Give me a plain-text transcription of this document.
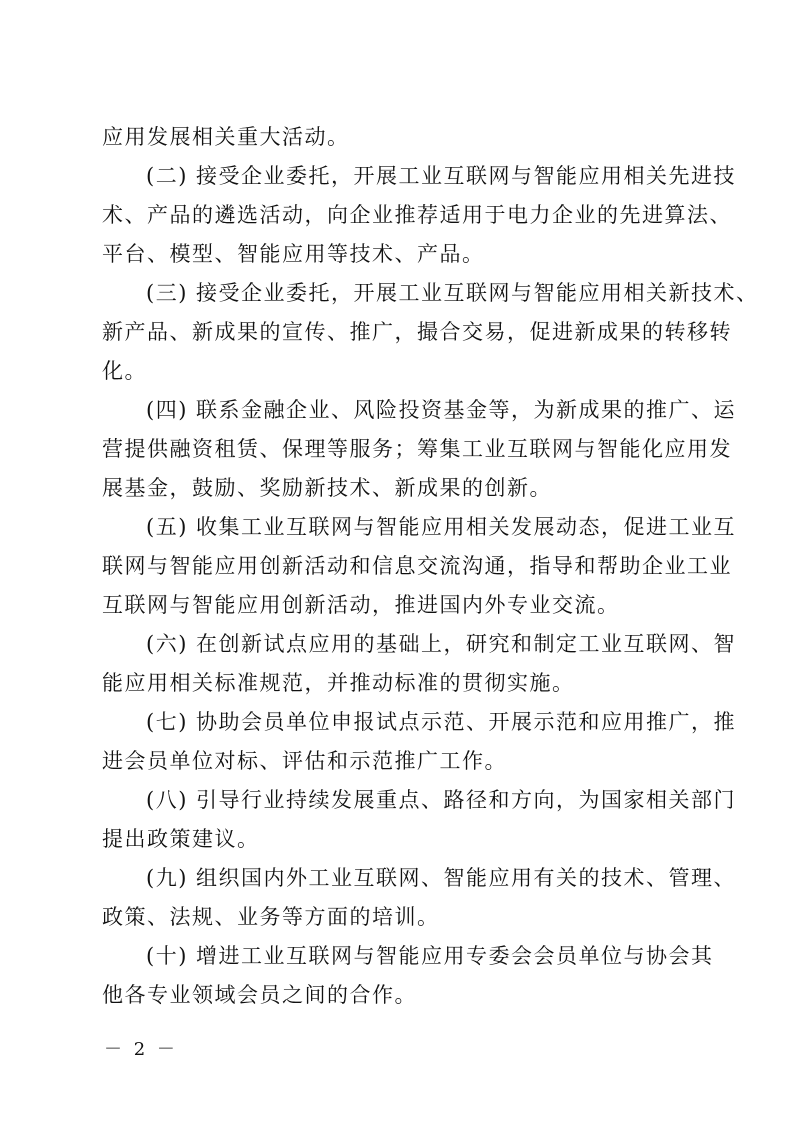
应用发展相关重大活动。
(二) 接受企业委托，开展工业互联网与智能应用相关先进技
术、产品的遴选活动，向企业推荐适用于电力企业的先进算法、
平台、模型、智能应用等技术、产品。
(三) 接受企业委托，开展工业互联网与智能应用相关新技术、
新产品、新成果的宣传、推广，撮合交易，促进新成果的转移转
化。
(四) 联系金融企业、风险投资基金等，为新成果的推广、运
营提供融资租赁、保理等服务；筹集工业互联网与智能化应用发
展基金，鼓励、奖励新技术、新成果的创新。
(五) 收集工业互联网与智能应用相关发展动态，促进工业互
联网与智能应用创新活动和信息交流沟通，指导和帮助企业工业
互联网与智能应用创新活动，推进国内外专业交流。
(六) 在创新试点应用的基础上，研究和制定工业互联网、智
能应用相关标准规范，并推动标准的贯彻实施。
(七) 协助会员单位申报试点示范、开展示范和应用推广，推
进会员单位对标、评估和示范推广工作。
(八) 引导行业持续发展重点、路径和方向，为国家相关部门
提出政策建议。
(九) 组织国内外工业互联网、智能应用有关的技术、管理、
政策、法规、业务等方面的培训。
(十) 增进工业互联网与智能应用专委会会员单位与协会其
他各专业领域会员之间的合作。
－ 2 －
